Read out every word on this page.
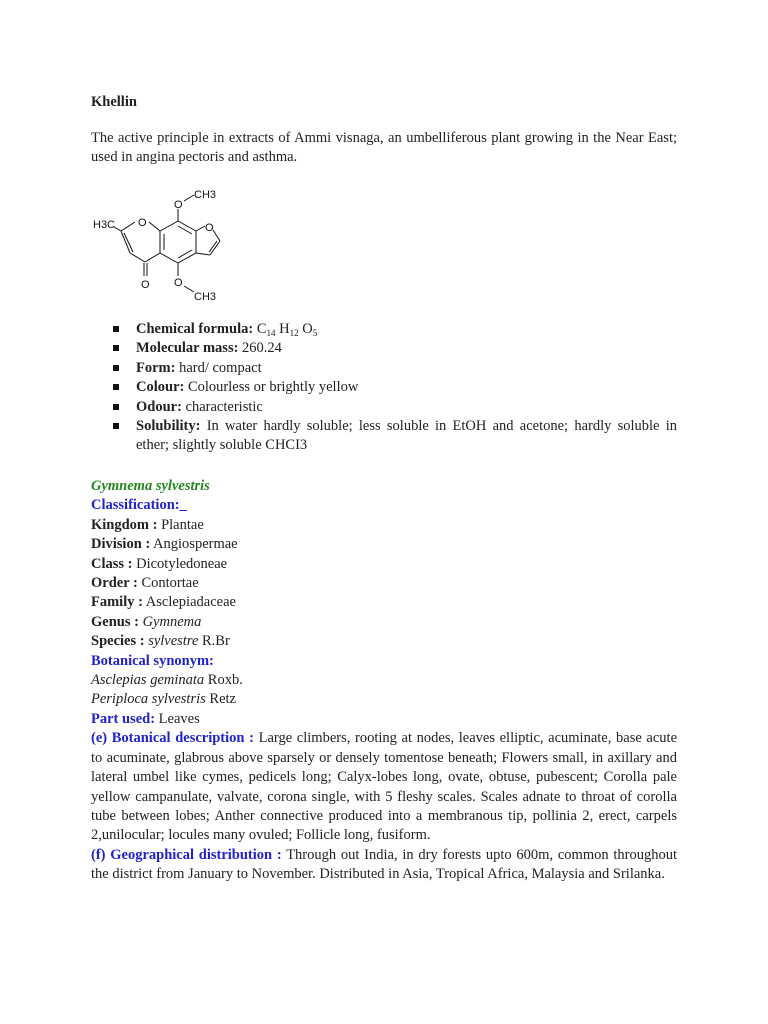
Khellin

The active principle in extracts of Ammi visnaga, an umbelliferous plant growing in the Near East; used in angina pectoris and asthma.

H3C O
O
CH3
O
O O
CH3
Chemical formula: $C_{14}$ $H_{12}$ $O_5$
Molecular mass: 260.24
Form: hard/ compact
Colour: Colourless or brightly yellow
Odour: characteristic
Solubility: In water hardly soluble; less soluble in EtOH and acetone; hardly soluble in ether; slightly soluble CHCI3

Gymnema sylvestris

Classification:_

Kingdom : Plantae

Division : Angiospermae

Class : Dicotyledoneae

Order : Contortae

Family : Asclepiadaceae

Genus : Gymnema

Species : sylvestre R.Br

Botanical synonym:

Asclepias geminata Roxb.

Periploca sylvestris Retz

Part used: Leaves

(e) Botanical description : Large climbers, rooting at nodes, leaves elliptic, acuminate, base acute to acuminate, glabrous above sparsely or densely tomentose beneath; Flowers small, in axillary and lateral umbel like cymes, pedicels long; Calyx-lobes long, ovate, obtuse, pubescent; Corolla pale yellow campanulate, valvate, corona single, with 5 fleshy scales. Scales adnate to throat of corolla tube between lobes; Anther connective produced into a membranous tip, pollinia 2, erect, carpels 2,unilocular; locules many ovuled; Follicle long, fusiform.

(f) Geographical distribution : Through out India, in dry forests upto 600m, common throughout the district from January to November. Distributed in Asia, Tropical Africa, Malaysia and Srilanka.
